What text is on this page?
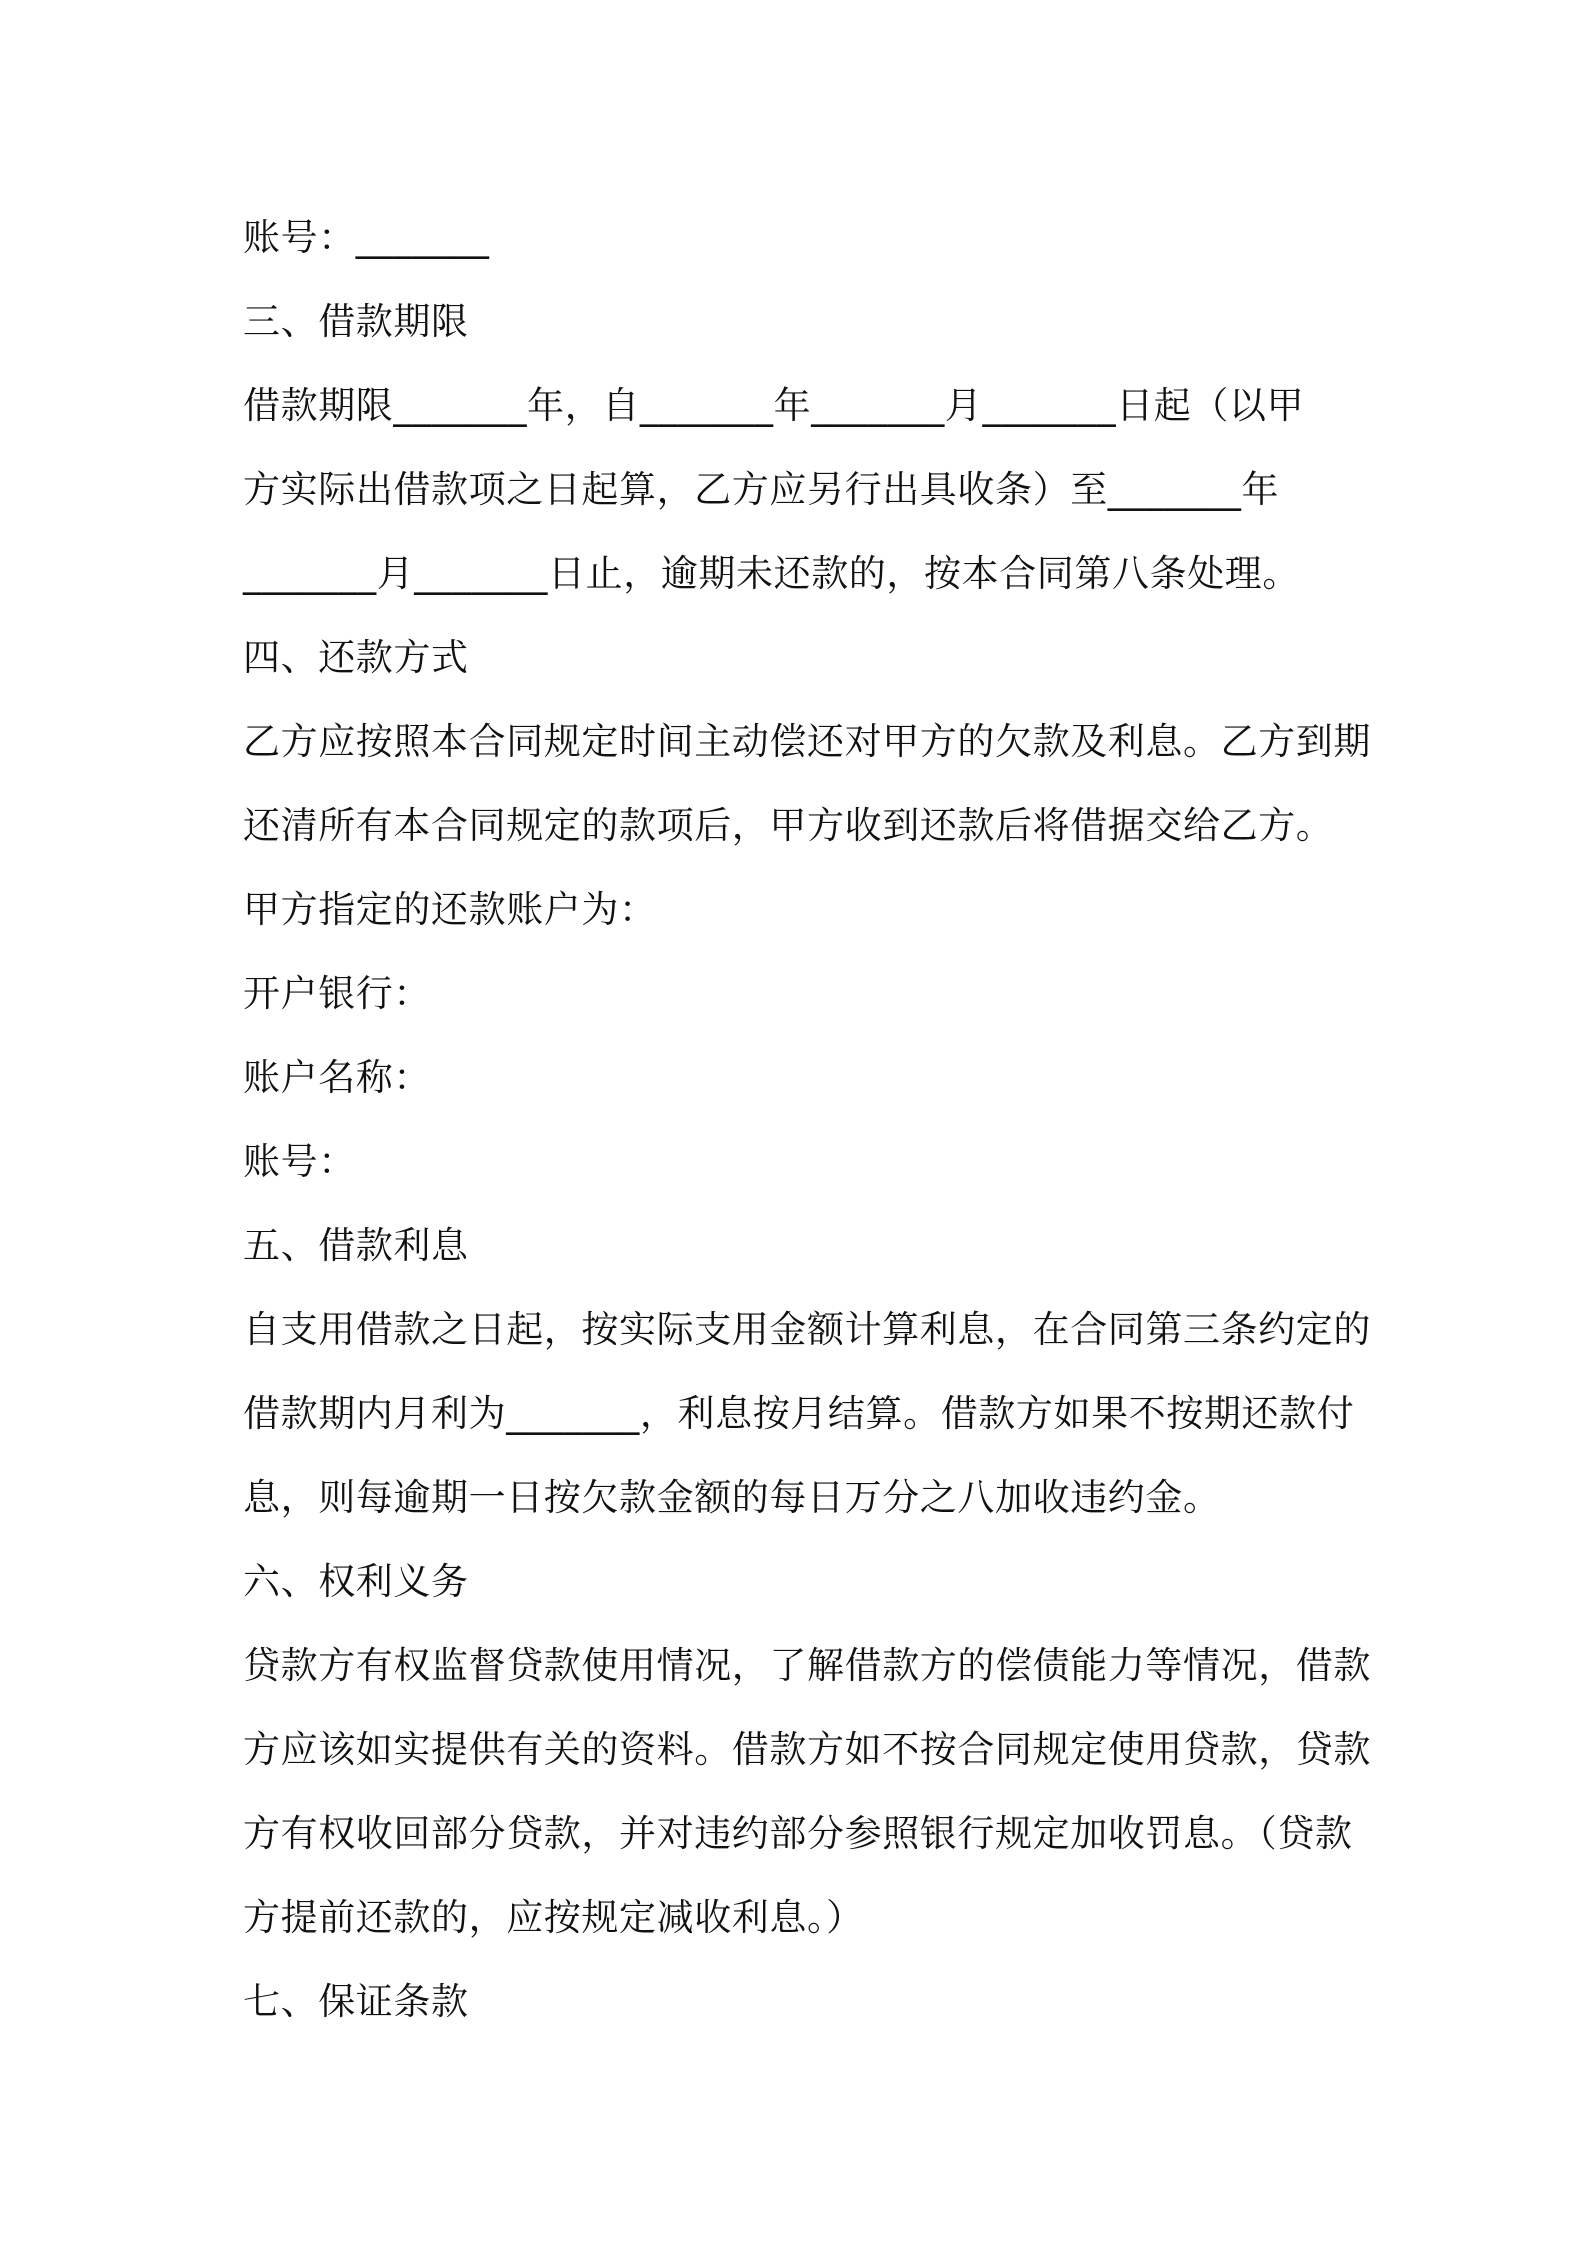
账号：_______
三、借款期限
借款期限_______年，自_______年_______月_______日起（以甲
方实际出借款项之日起算，乙方应另行出具收条）至_______年
_______月_______日止，逾期未还款的，按本合同第八条处理。
四、还款方式
乙方应按照本合同规定时间主动偿还对甲方的欠款及利息。乙方到期
还清所有本合同规定的款项后，甲方收到还款后将借据交给乙方。
甲方指定的还款账户为：
开户银行：
账户名称：
账号：
五、借款利息
自支用借款之日起，按实际支用金额计算利息，在合同第三条约定的
借款期内月利为_______，利息按月结算。借款方如果不按期还款付
息，则每逾期一日按欠款金额的每日万分之八加收违约金。
六、权利义务
贷款方有权监督贷款使用情况，了解借款方的偿债能力等情况，借款
方应该如实提供有关的资料。借款方如不按合同规定使用贷款，贷款
方有权收回部分贷款，并对违约部分参照银行规定加收罚息。（贷款
方提前还款的，应按规定减收利息。）
七、保证条款
